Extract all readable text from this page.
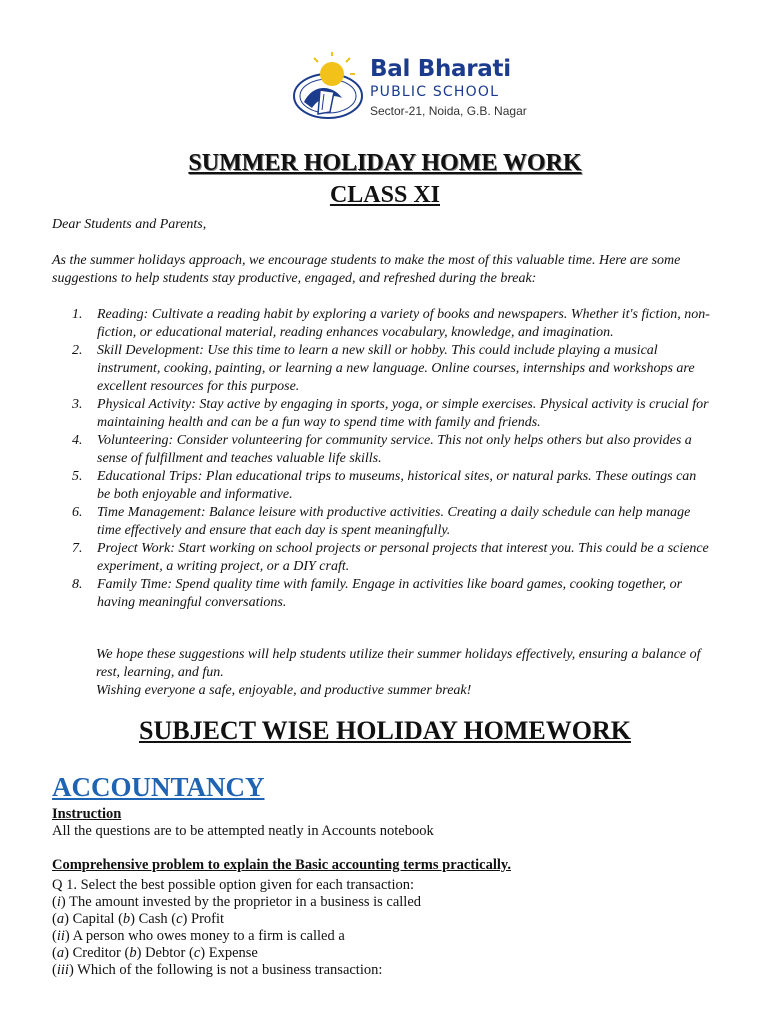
Bal Bharati
PUBLIC SCHOOL
Sector-21, Noida, G.B. Nagar
SUMMER HOLIDAY HOME WORK
CLASS XI
Dear Students and Parents,
As the summer holidays approach, we encourage students to make the most of this valuable time. Here are some suggestions to help students stay productive, engaged, and refreshed during the break:
1. Reading: Cultivate a reading habit by exploring a variety of books and newspapers. Whether it's fiction, non-fiction, or educational material, reading enhances vocabulary, knowledge, and imagination.
2. Skill Development: Use this time to learn a new skill or hobby. This could include playing a musical instrument, cooking, painting, or learning a new language. Online courses, internships and workshops are excellent resources for this purpose.
3. Physical Activity: Stay active by engaging in sports, yoga, or simple exercises. Physical activity is crucial for maintaining health and can be a fun way to spend time with family and friends.
4. Volunteering: Consider volunteering for community service. This not only helps others but also provides a sense of fulfillment and teaches valuable life skills.
5. Educational Trips: Plan educational trips to museums, historical sites, or natural parks. These outings can be both enjoyable and informative.
6. Time Management: Balance leisure with productive activities. Creating a daily schedule can help manage time effectively and ensure that each day is spent meaningfully.
7. Project Work: Start working on school projects or personal projects that interest you. This could be a science experiment, a writing project, or a DIY craft.
8. Family Time: Spend quality time with family. Engage in activities like board games, cooking together, or having meaningful conversations.
We hope these suggestions will help students utilize their summer holidays effectively, ensuring a balance of rest, learning, and fun.
Wishing everyone a safe, enjoyable, and productive summer break!
SUBJECT WISE HOLIDAY HOMEWORK
ACCOUNTANCY
Instruction
All the questions are to be attempted neatly in Accounts notebook
Comprehensive problem to explain the Basic accounting terms practically.
Q 1. Select the best possible option given for each transaction:
(i) The amount invested by the proprietor in a business is called
(a) Capital (b) Cash (c) Profit
(ii) A person who owes money to a firm is called a
(a) Creditor (b) Debtor (c) Expense
(iii) Which of the following is not a business transaction:
